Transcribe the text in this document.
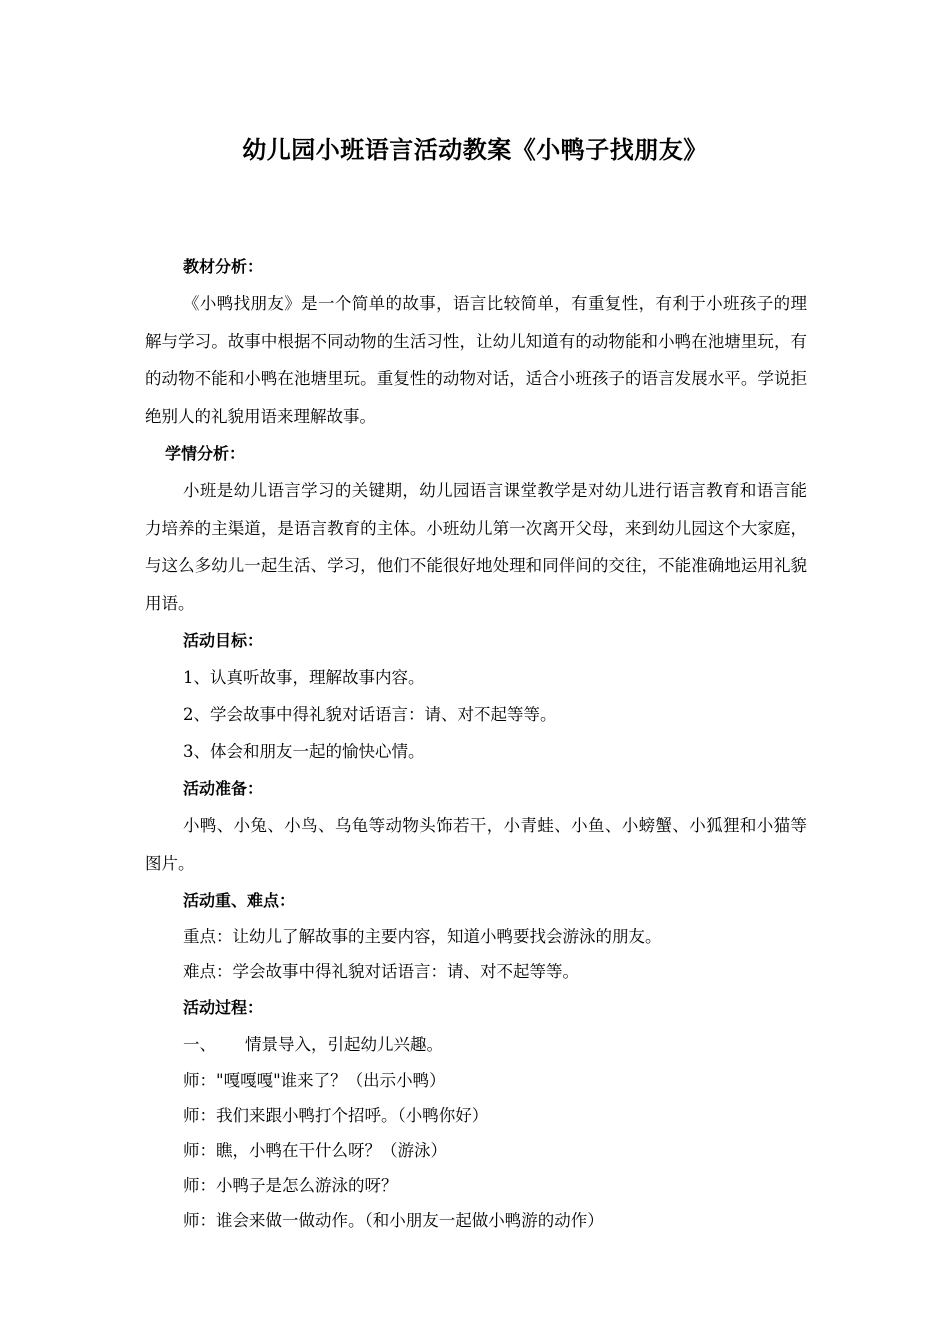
幼儿园小班语言活动教案《小鸭子找朋友》

教材分析：

《小鸭找朋友》是一个简单的故事，语言比较简单，有重复性，有利于小班孩子的理解与学习。故事中根据不同动物的生活习性，让幼儿知道有的动物能和小鸭在池塘里玩，有的动物不能和小鸭在池塘里玩。重复性的动物对话，适合小班孩子的语言发展水平。学说拒绝别人的礼貌用语来理解故事。

学情分析：

小班是幼儿语言学习的关键期，幼儿园语言课堂教学是对幼儿进行语言教育和语言能力培养的主渠道，是语言教育的主体。小班幼儿第一次离开父母，来到幼儿园这个大家庭，与这么多幼儿一起生活、学习，他们不能很好地处理和同伴间的交往，不能准确地运用礼貌用语。

活动目标：

1、认真听故事，理解故事内容。

2、学会故事中得礼貌对话语言：请、对不起等等。

3、体会和朋友一起的愉快心情。

活动准备：

小鸭、小兔、小鸟、乌龟等动物头饰若干，小青蛙、小鱼、小螃蟹、小狐狸和小猫等图片。

活动重、难点：

重点：让幼儿了解故事的主要内容，知道小鸭要找会游泳的朋友。

难点：学会故事中得礼貌对话语言：请、对不起等等。

活动过程：

一、 情景导入，引起幼儿兴趣。

师："嘎嘎嘎"谁来了？（出示小鸭）

师：我们来跟小鸭打个招呼。（小鸭你好）

师：瞧，小鸭在干什么呀？（游泳）

师：小鸭子是怎么游泳的呀？

师：谁会来做一做动作。（和小朋友一起做小鸭游的动作）
